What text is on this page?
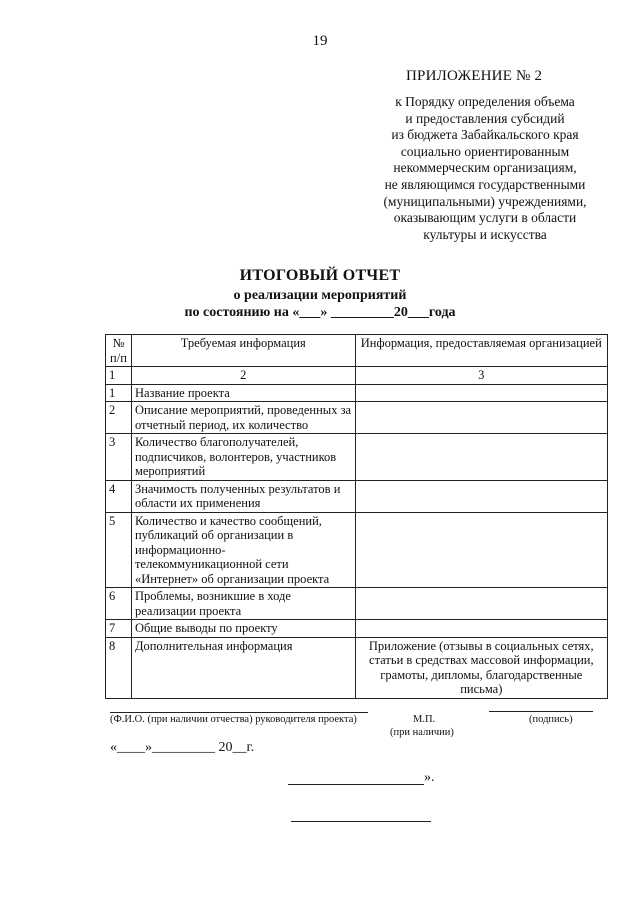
19
ПРИЛОЖЕНИЕ № 2
к Порядку определения объема
и предоставления субсидий
из бюджета Забайкальского края
социально ориентированным
некоммерческим организациям,
не являющимся государственными
(муниципальными) учреждениями,
оказывающим услуги в области
культуры и искусства
ИТОГОВЫЙ ОТЧЕТ
о реализации мероприятий
по состоянию на «___» _________20___года
№ п/п	Требуемая информация	Информация, предоставляемая организацией
1	2	3
1	Название проекта	
2	Описание мероприятий, проведенных за отчетный период, их количество	
3	Количество благополучателей, подписчиков, волонтеров, участников мероприятий	
4	Значимость полученных результатов и области их применения	
5	Количество и качество сообщений, публикаций об организации в информационно-телекоммуникационной сети «Интернет» об организации проекта	
6	Проблемы, возникшие в ходе реализации проекта	
7	Общие выводы по проекту	
8	Дополнительная информация	Приложение (отзывы в социальных сетях, статьи в средствах массовой информации, грамоты, дипломы, благодарственные письма)
(Ф.И.О. (при наличии отчества) руководителя проекта)	М.П.
(при наличии)
(подпись)
«____»_________ 20__г.
».
